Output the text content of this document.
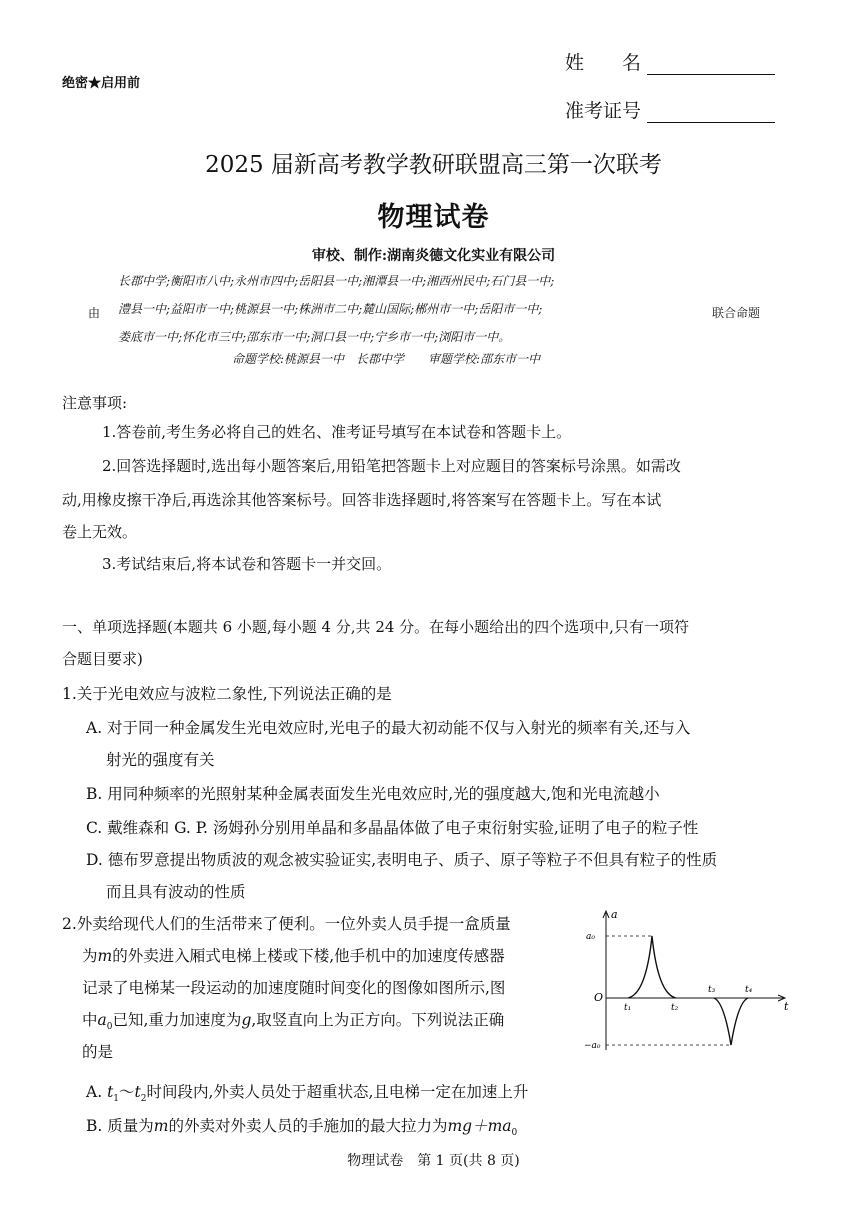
绝密★启用前
姓　　名
准考证号
2025 届新高考教学教研联盟高三第一次联考
物理试卷
审校、制作:湖南炎德文化实业有限公司
由
长郡中学;衡阳市八中;永州市四中;岳阳县一中;湘潭县一中;湘西州民中;石门县一中;
澧县一中;益阳市一中;桃源县一中;株洲市二中;麓山国际;郴州市一中;岳阳市一中;
娄底市一中;怀化市三中;邵东市一中;洞口县一中;宁乡市一中;浏阳市一中。
联合命题
命题学校:桃源县一中　长郡中学　　审题学校:邵东市一中
注意事项:
1.答卷前,考生务必将自己的姓名、准考证号填写在本试卷和答题卡上。
2.回答选择题时,选出每小题答案后,用铅笔把答题卡上对应题目的答案标号涂黑。如需改
动,用橡皮擦干净后,再选涂其他答案标号。回答非选择题时,将答案写在答题卡上。写在本试
卷上无效。
3.考试结束后,将本试卷和答题卡一并交回。
一、单项选择题(本题共 6 小题,每小题 4 分,共 24 分。在每小题给出的四个选项中,只有一项符
合题目要求)
1.关于光电效应与波粒二象性,下列说法正确的是
A. 对于同一种金属发生光电效应时,光电子的最大初动能不仅与入射光的频率有关,还与入
射光的强度有关
B. 用同种频率的光照射某种金属表面发生光电效应时,光的强度越大,饱和光电流越小
C. 戴维森和 G. P. 汤姆孙分别用单晶和多晶晶体做了电子束衍射实验,证明了电子的粒子性
D. 德布罗意提出物质波的观念被实验证实,表明电子、质子、原子等粒子不但具有粒子的性质
而且具有波动的性质
2.外卖给现代人们的生活带来了便利。一位外卖人员手提一盒质量
为m的外卖进入厢式电梯上楼或下楼,他手机中的加速度传感器
记录了电梯某一段运动的加速度随时间变化的图像如图所示,图
中$a_0$已知,重力加速度为g,取竖直向上为正方向。下列说法正确
的是
A. $t_1\sim t_2$时间段内,外卖人员处于超重状态,且电梯一定在加速上升
B. 质量为m的外卖对外卖人员的手施加的最大拉力为$mg+ma_0$
a
t
O
a₀
−a₀
t₁	t₂
t₃	t₄
物理试卷　第 1 页(共 8 页)
